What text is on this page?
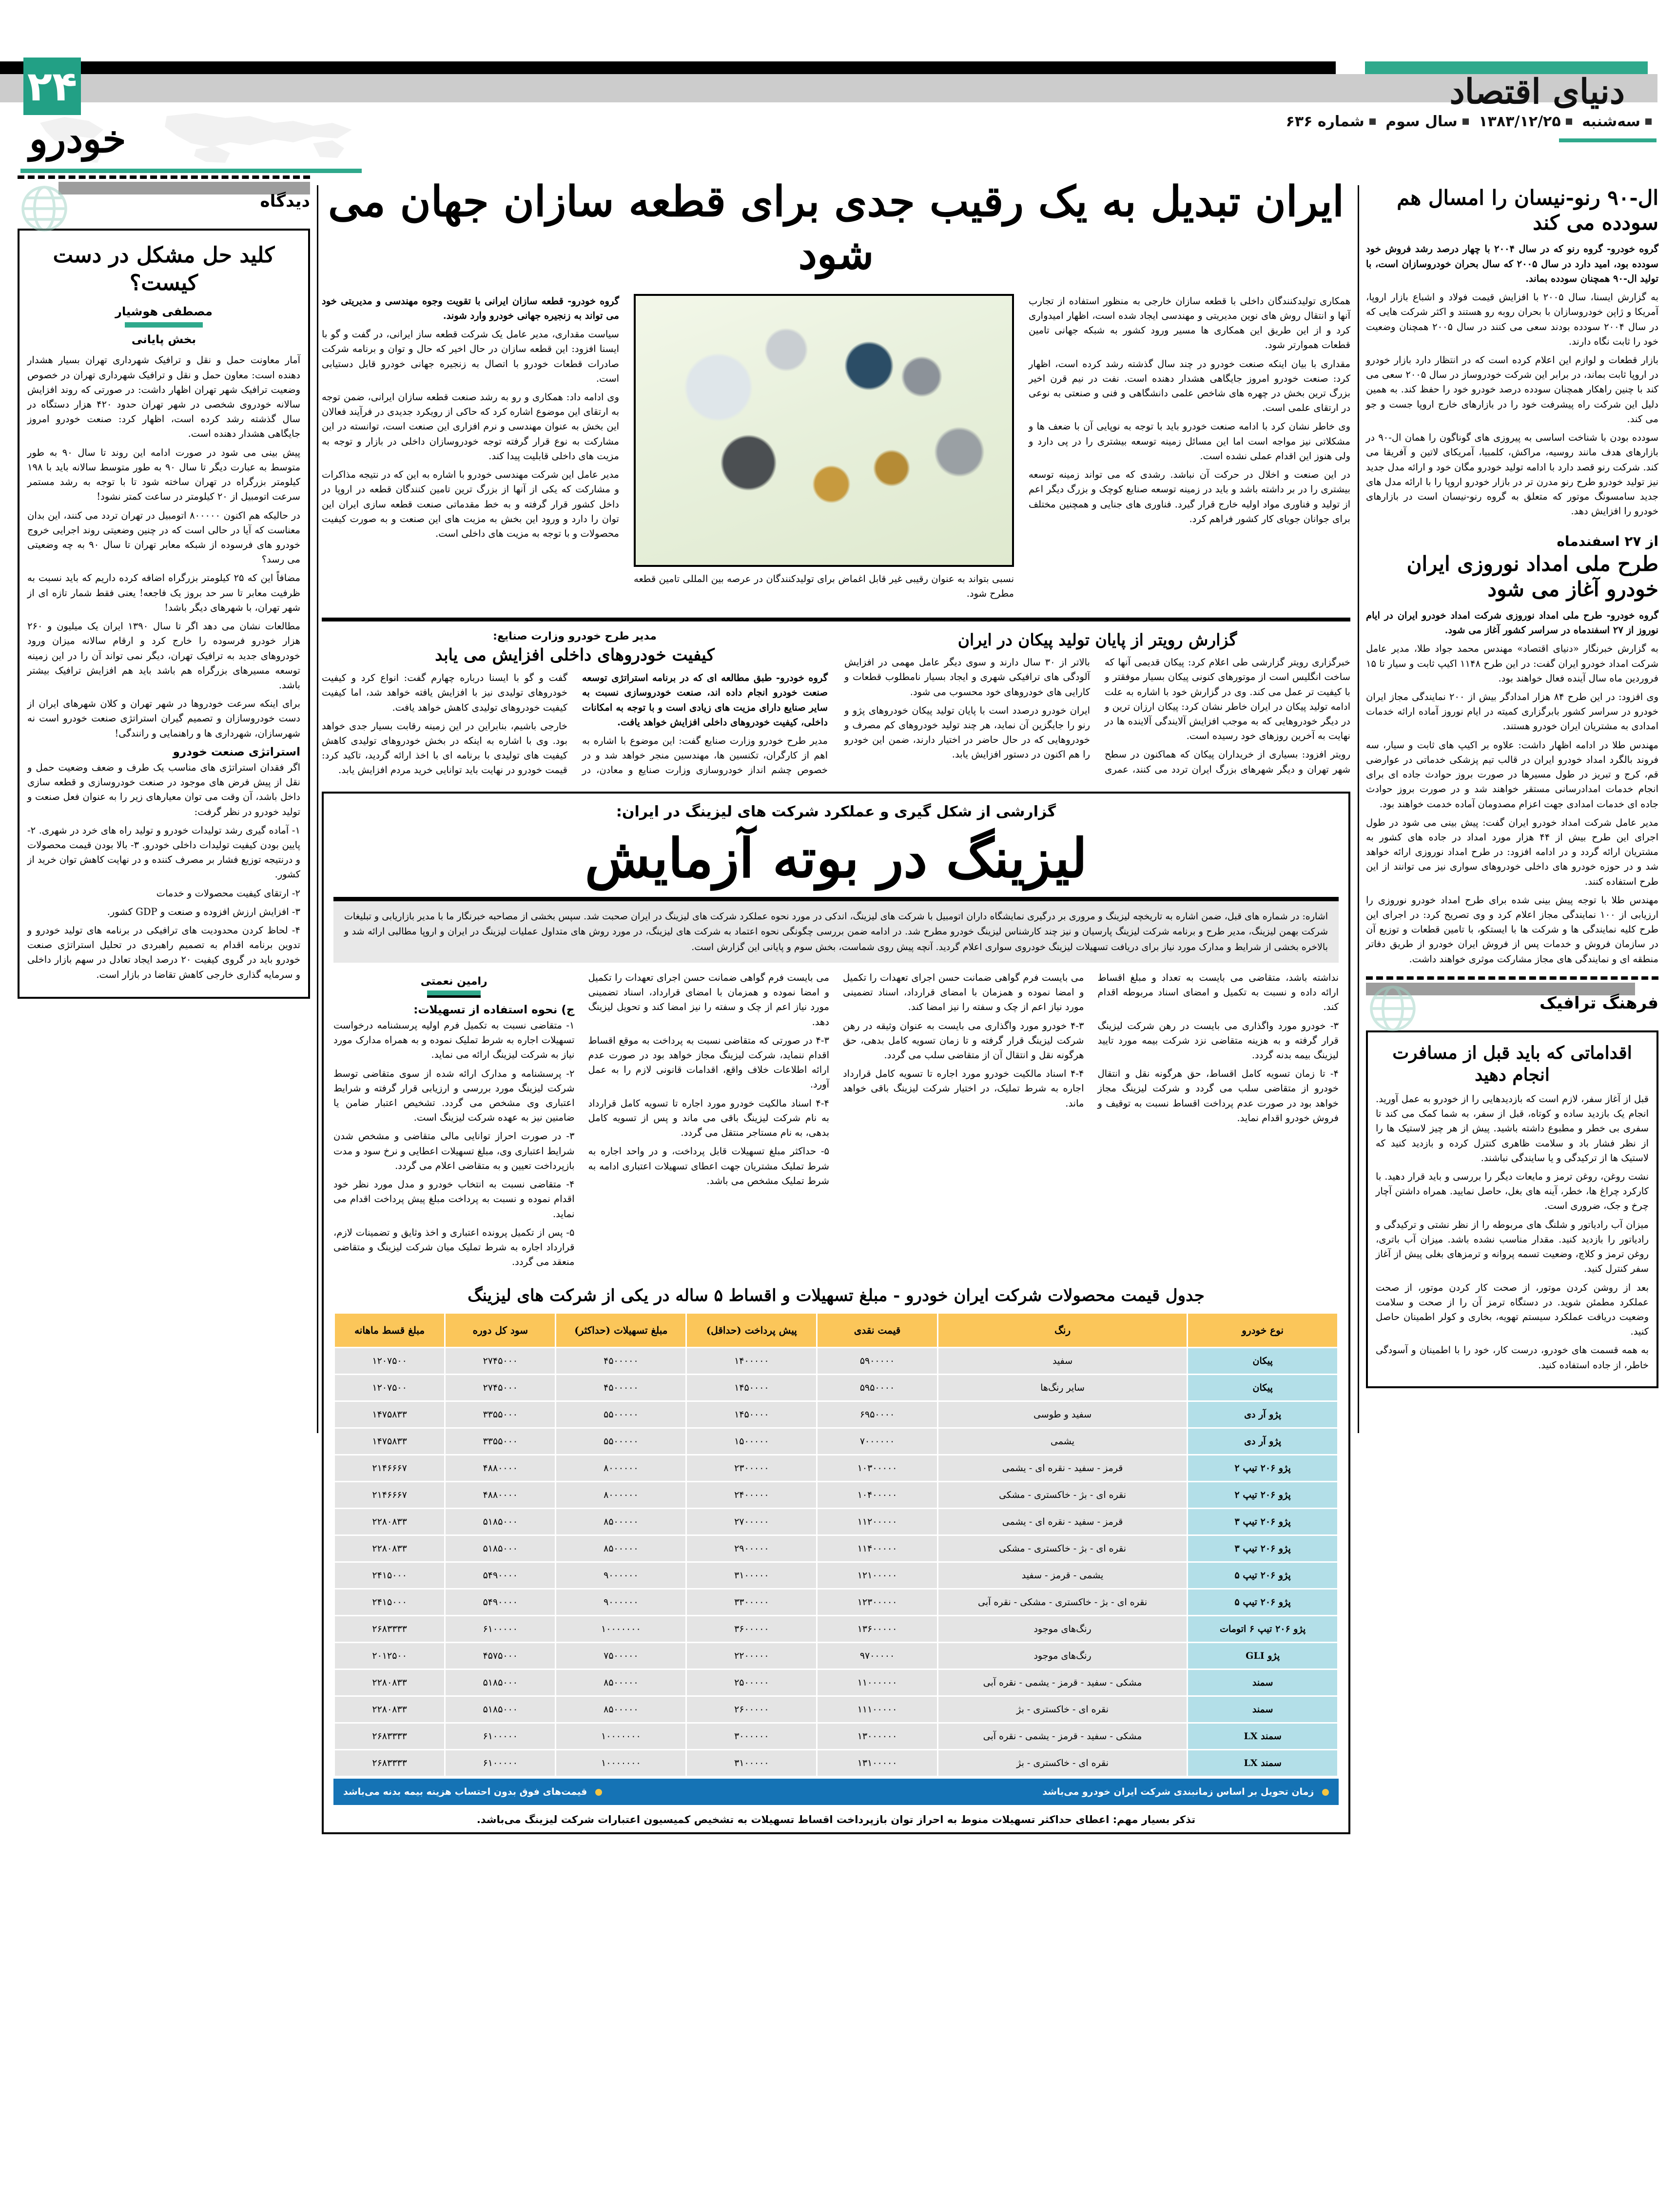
۲۴	دنیای اقتصاد
سه‌شنبه ۱۳۸۳/۱۲/۲۵ سال سوم شماره ۶۳۶
خودرو
دیدگاه
کلید حل مشکل در دست کیست؟
مصطفی هوشیار
بخش پایانی

آمار معاونت حمل و نقل و ترافیک شهرداری تهران بسیار هشدار دهنده است: معاون حمل و نقل و ترافیک شهرداری تهران در خصوص وضعیت ترافیک شهر تهران اظهار داشت: در صورتی که روند افزایش سالانه خودروی شخصی در شهر تهران حدود ۴۲۰ هزار دستگاه در سال گذشته رشد کرده است، اظهار کرد: صنعت خودرو امروز جایگاهی هشدار دهنده است.

پیش بینی می شود در صورت ادامه این روند تا سال ۹۰ به طور متوسط به عبارت دیگر تا سال ۹۰ به طور متوسط سالانه باید با ۱۹۸ کیلومتر بزرگراه در تهران ساخته شود تا با توجه به رشد مستمر سرعت اتومبیل از ۲۰ کیلومتر در ساعت کمتر نشود!

در حالیکه هم اکنون ۸۰۰۰۰۰ اتومبیل در تهران تردد می کنند، این بدان معناست که آیا در حالی است که در چنین وضعیتی روند اجرایی خروج خودرو های فرسوده از شبکه معابر تهران تا سال ۹۰ به چه وضعیتی می رسد؟

مضافاً این که ۲۵ کیلومتر بزرگراه اضافه کرده داریم که باید نسبت به ظرفیت معابر تا سر حد بروز یک فاجعه! یعنی فقط شمار تازه ای از شهر تهران، با شهرهای دیگر باشد!

مطالعات نشان می دهد اگر تا سال ۱۳۹۰ ایران یک میلیون و ۲۶۰ هزار خودرو فرسوده را خارج کرد و ارقام سالانه میزان ورود خودروهای جدید به ترافیک تهران، دیگر نمی تواند آن را در این زمینه توسعه مسیرهای بزرگراه هم باشد باید هم افزایش ترافیک بیشتر باشد.

برای اینکه سرعت خودروها در شهر تهران و کلان شهرهای ایران از دست خودروسازان و تصمیم گیران استراتژی صنعت خودرو است نه شهرسازان، شهرداری ها و راهنمایی و رانندگی!

استراتژی صنعت خودرو

اگر فقدان استراتژی های مناسب یک طرف و ضعف وضعیت حمل و نقل از پیش فرض های موجود در صنعت خودروسازی و قطعه سازی داخل باشد، آن وقت می توان معیارهای زیر را به عنوان فعل صنعت و تولید خودرو در نظر گرفت:

۱- آماده گیری رشد تولیدات خودرو و تولید راه های خرد در شهری. ۲- پایین بودن کیفیت تولیدات داخلی خودرو. ۳- بالا بودن قیمت محصولات و درنتیجه توزیع فشار بر مصرف کننده و در نهایت کاهش توان خرید از کشور.

۲- ارتقای کیفیت محصولات و خدمات

۳- افزایش ارزش افزوده و صنعت و GDP کشور.

۴- لحاظ کردن محدودیت های ترافیکی در برنامه های تولید خودرو و تدوین برنامه اقدام به تصمیم راهبردی در تحلیل استراتژی صنعت خودرو باید در گروی کیفیت ۲۰ درصد ایجاد تعادل در سهم بازار داخلی و سرمایه گذاری خارجی کاهش تقاضا در بازار است.

ال-۹۰ رنو-نیسان را امسال هم سودده می کند

گروه خودرو- گروه رنو که در سال ۲۰۰۴ با چهار درصد رشد فروش خود سودده بود، امید دارد در سال ۲۰۰۵ که سال بحران خودروسازان است، با تولید ال-۹۰ همچنان سودده بماند.

به گزارش ایسنا، سال ۲۰۰۵ با افزایش قیمت فولاد و اشباع بازار اروپا، آمریکا و ژاپن خودروسازان با بحران روبه رو هستند و اکثر شرکت هایی که در سال ۲۰۰۴ سودده بودند سعی می کنند در سال ۲۰۰۵ همچنان وضعیت خود را ثابت نگاه دارند.

بازار قطعات و لوازم این اعلام کرده است که در انتظار دارد بازار خودرو در اروپا ثابت بماند، در برابر این شرکت خودروساز در سال ۲۰۰۵ سعی می کند با چنین راهکار همچنان سودده درصد خودرو خود را حفظ کند. به همین دلیل این شرکت راه پیشرفت خود را در بازارهای خارج اروپا جست و جو می کند.

سودده بودن با شناخت اساسی به پیروزی های گوناگون را همان ال-۹۰ در بازارهای هدف مانند روسیه، مراکش، کلمبیا، آمریکای لاتین و آفریقا می کند. شرکت رنو قصد دارد با ادامه تولید خودرو مگان خود و ارائه مدل جدید نیز تولید خودرو طرح رنو مدرن تر در بازار خودرو اروپا را با ارائه مدل های جدید سامسونگ موتور که متعلق به گروه رنو-نیسان است در بازارهای خودرو را افزایش دهد.

از ۲۷ اسفندماه
طرح ملی امداد نوروزی ایران خودرو آغاز می شود

گروه خودرو- طرح ملی امداد نوروزی شرکت امداد خودرو ایران در ایام نوروز از ۲۷ اسفندماه در سراسر کشور آغاز می شود.

به گزارش خبرنگار «دنیای اقتصاد» مهندس محمد جواد طلا، مدیر عامل شرکت امداد خودرو ایران گفت: در این طرح ۱۱۴۸ اکیپ ثابت و سیار تا ۱۵ فروردین ماه سال آینده فعال خواهند بود.

وی افزود: در این طرح ۸۴ هزار امدادگر بیش از ۲۰۰ نمایندگی مجاز ایران خودرو در سراسر کشور بابرگزاری کمیته در ایام نوروز آماده ارائه خدمات امدادی به مشتریان ایران خودرو هستند.

مهندس طلا در ادامه اظهار داشت: علاوه بر اکیپ های ثابت و سیار، سه فروند بالگرد امداد خودرو ایران در قالب تیم پزشکی خدماتی در عوارضی قم، کرج و تبریز در طول مسیرها در صورت بروز حوادث جاده ای برای انجام خدمات امدادرسانی مستقر خواهند شد و در صورت بروز حوادث جاده ای خدمات امدادی جهت اعزام مصدومان آماده خدمت خواهند بود.

مدیر عامل شرکت امداد خودرو ایران گفت: پیش بینی می شود در طول اجرای این طرح بیش از ۴۴ هزار مورد امداد در جاده های کشور به مشتریان ارائه گردد و در ادامه افزود: در طرح امداد نوروزی ارائه خواهد شد و در حوزه خودرو های داخلی خودروهای سواری نیز می توانند از این طرح استفاده کنند.

مهندس طلا با توجه پیش بینی شده برای طرح امداد خودرو نوروزی را ارزیابی از ۱۰۰ نمایندگی مجاز اعلام کرد و وی تصریح کرد: در اجرای این طرح کلیه نمایندگی ها و شرکت ها با ایستکو، با تامین قطعات و توزیع آن در سازمان فروش و خدمات پس از فروش ایران خودرو از طریق دفاتر منطقه ای و نمایندگی های مجاز مشارکت موثری خواهند داشت.

فرهنگ ترافیک
اقداماتی که باید قبل از مسافرت انجام دهید

قبل از آغاز سفر، لازم است که بازدیدهایی را از خودرو به عمل آورید. انجام یک بازدید ساده و کوتاه، قبل از سفر، به شما کمک می کند تا سفری بی خطر و مطبوع داشته باشید. پیش از هر چیز لاستیک ها را از نظر فشار باد و سلامت ظاهری کنترل کرده و بازدید کنید که لاستیک ها از ترکیدگی و یا سایندگی نباشند.

نشت روغن، روغن ترمز و مایعات دیگر را بررسی و باید قرار دهید. با کارکرد چراغ ها، خطر، آینه های بغل، حاصل نمایید. همراه داشتن آچار چرخ و جک، ضروری است.

میزان آب رادیاتور و شلنگ های مربوطه را از نظر نشتی و ترکیدگی و رادیاتور را بازدید کنید. مقدار مناسب نشده باشد. میزان آب باتری، روغن ترمز و کلاچ، وضعیت تسمه پروانه و ترمزهای بغلی پیش از آغاز سفر کنترل کنید.

بعد از روشن کردن موتور، از صحت کار کردن موتور، از صحت عملکرد مطمئن شوید. در دستگاه ترمز آن را از صحت و سلامت وضعیت دریافت عملکرد سیستم تهویه، بخاری و کولر اطمینان حاصل کنید.

به همه قسمت های خودرو، درست کار، خود را با اطمینان و آسودگی خاطر، از جاده استفاده کنید.

ایران تبدیل به یک رقیب جدی برای قطعه سازان جهان می شود

همکاری تولیدکنندگان داخلی با قطعه سازان خارجی به منظور استفاده از تجارب آنها و انتقال روش های نوین مدیریتی و مهندسی ایجاد شده است، اظهار امیدواری کرد و از این طریق این همکاری ها مسیر ورود کشور به شبکه جهانی تامین قطعات هموارتر شود.

مقداری با بیان اینکه صنعت خودرو در چند سال گذشته رشد کرده است، اظهار کرد: صنعت خودرو امروز جایگاهی هشدار دهنده است. نفت در نیم قرن اخیر بزرگ ترین بخش در چهره های شاخص علمی دانشگاهی و فنی و صنعتی به نوعی در ارتقای علمی است.

وی خاطر نشان کرد با ادامه صنعت خودرو باید با توجه به نوپایی آن با ضعف ها و مشکلاتی نیز مواجه است اما این مسائل زمینه توسعه بیشتری را در پی دارد و ولی هنوز این اقدام عملی نشده است.

در این صنعت و اخلال در حرکت آن نباشد. رشدی که می تواند زمینه توسعه بیشتری را در بر داشته باشد و باید در زمینه توسعه صنایع کوچک و بزرگ دیگر اعم از تولید و فناوری مواد اولیه خارج قرار گیرد. فناوری های جنایی و همچنین مختلف برای جوانان جویای کار کشور فراهم کرد.

گروه خودرو- قطعه سازان ایرانی با تقویت وجوه مهندسی و مدیریتی خود می تواند به زنجیره جهانی خودرو وارد شوند.

سیاست مقداری، مدیر عامل یک شرکت قطعه ساز ایرانی، در گفت و گو با ایسنا افزود: این قطعه سازان در حال اخیر که حال و توان و برنامه شرکت صادرات قطعات خودرو با اتصال به زنجیره جهانی خودرو قابل دستیابی است.

وی ادامه داد: همکاری و رو به رشد صنعت قطعه سازان ایرانی، ضمن توجه به ارتقای این موضوع اشاره کرد که حاکی از رویکرد جدیدی در فرآیند فعالان این بخش به عنوان مهندسی و نرم افزاری این صنعت است، توانسته در این مشارکت به نوع قرار گرفته توجه خودروسازان داخلی در بازار و توجه به مزیت های داخلی قابلیت پیدا کند.

مدیر عامل این شرکت مهندسی خودرو با اشاره به این که در نتیجه مذاکرات و مشارکت که یکی از آنها از بزرگ ترین تامین کنندگان قطعه در اروپا در داخل کشور قرار گرفته و به خط مقدماتی صنعت قطعه سازی ایران این توان را دارد و ورود این بخش به مزیت های این صنعت و به صورت کیفیت محصولات و با توجه به مزیت های داخلی است.

نسبی بتواند به عنوان رقیبی غیر قابل اغماض برای تولیدکنندگان در عرصه بین المللی تامین قطعه مطرح شود.

گزارش رویتر از پایان تولید پیکان در ایران

خبرگزاری رویتر گزارشی طی اعلام کرد: پیکان قدیمی آنها که ساخت انگلیس است از موتورهای کنونی پیکان بسیار موفقتر و با کیفیت تر عمل می کند. وی در گزارش خود با اشاره به علت ادامه تولید پیکان در ایران خاطر نشان کرد: پیکان ارزان ترین و در دیگر خودروهایی که به موجب افزایش آلایندگی آلاینده ها در نهایت به آخرین روزهای خود رسیده است.

رویتر افزود: بسیاری از خریداران پیکان که هماکنون در سطح شهر تهران و دیگر شهرهای بزرگ ایران تردد می کنند، عمری بالاتر از ۳۰ سال دارند و سوی دیگر عامل مهمی در افزایش آلودگی های ترافیکی شهری و ایجاد بسیار نامطلوب قطعات و کارایی های خودروهای خود محسوب می شود.

ایران خودرو درصدد است با پایان تولید پیکان خودروهای پژو و رنو را جایگزین آن نماید، هر چند تولید خودروهای کم مصرف و خودروهایی که در حال حاضر در اختیار دارند، ضمن این خودرو را هم اکنون در دستور افزایش یابد.

مدیر طرح خودرو وزارت صنایع:
کیفیت خودروهای داخلی افزایش می یابد

گروه خودرو- طبق مطالعه ای که در برنامه استراتژی توسعه صنعت خودرو انجام داده اند، صنعت خودروسازی نسبت به سایر صنایع دارای مزیت های زیادی است و با توجه به امکانات داخلی، کیفیت خودروهای داخلی افزایش خواهد یافت.

مدیر طرح خودرو وزارت صنایع گفت: این موضوع با اشاره به اهم از کارگران، تکنسین ها، مهندسین منجر خواهد شد و در خصوص چشم انداز خودروسازی وزارت صنایع و معادن، در گفت و گو با ایسنا درباره چهارم گفت: انواع کرد و کیفیت خودروهای تولیدی نیز با افزایش یافته خواهد شد، اما کیفیت کیفیت خودروهای تولیدی کاهش خواهد یافت.

خارجی باشیم، بنابراین در این زمینه رقابت بسیار جدی خواهد بود. وی با اشاره به اینکه در بخش خودروهای تولیدی کاهش کیفیت های تولیدی با برنامه ای با اخذ ارائه گردید، تاکید کرد: قیمت خودرو در نهایت باید توانایی خرید مردم افزایش یابد.

گزارشی از شکل گیری و عملکرد شرکت های لیزینگ در ایران:
لیزینگ در بوته آزمایش
اشاره: در شماره های قبل، ضمن اشاره به تاریخچه لیزینگ و مروری بر درگیری نمایشگاه داران اتومبیل با شرکت های لیزینگ، اندکی در مورد نحوه عملکرد شرکت های لیزینگ در ایران صحبت شد. سپس بخشی از مصاحبه خبرنگار ما با مدیر بازاریابی و تبلیغات شرکت بهمن لیزینگ، مدیر طرح و برنامه شرکت لیزینگ پارسیان و نیز چند کارشناس لیزینگ خودرو مطرح شد. در ادامه ضمن بررسی چگونگی نحوه اعتماد به شرکت های لیزینگ، در مورد روش های متداول عملیات لیزینگ در ایران و اروپا مطالبی ارائه شد و بالاخره بخشی از شرایط و مدارک مورد نیاز برای دریافت تسهیلات لیزینگ خودروی سواری اعلام گردید. آنچه پیش روی شماست، بخش سوم و پایانی این گزارش است.

نداشته باشد، متقاضی می بایست به تعداد و مبلغ اقساط ارائه داده و نسبت به تکمیل و امضای اسناد مربوطه اقدام کند.

۳- خودرو مورد واگذاری می بایست در رهن شرکت لیزینگ قرار گرفته و به هزینه متقاضی نزد شرکت بیمه مورد تایید لیزینگ بیمه بدنه گردد.

۴- تا زمان تسویه کامل اقساط، حق هرگونه نقل و انتقال خودرو از متقاضی سلب می گردد و شرکت لیزینگ مجاز خواهد بود در صورت عدم پرداخت اقساط نسبت به توقیف و فروش خودرو اقدام نماید.

می بایست فرم گواهی ضمانت حسن اجرای تعهدات را تکمیل و امضا نموده و همزمان با امضای قرارداد، اسناد تضمینی مورد نیاز اعم از چک و سفته را نیز امضا کند.

۴-۳ خودرو مورد واگذاری می بایست به عنوان وثیقه در رهن شرکت لیزینگ قرار گرفته و تا زمان تسویه کامل بدهی، حق هرگونه نقل و انتقال آن از متقاضی سلب می گردد.

۴-۴ اسناد مالکیت خودرو مورد اجاره تا تسویه کامل قرارداد اجاره به شرط تملیک، در اختیار شرکت لیزینگ باقی خواهد ماند.

می بایست فرم گواهی ضمانت حسن اجرای تعهدات را تکمیل و امضا نموده و همزمان با امضای قرارداد، اسناد تضمینی مورد نیاز اعم از چک و سفته را نیز امضا کند و تحویل لیزینگ دهد.

۴-۳ در صورتی که متقاضی نسبت به پرداخت به موقع اقساط اقدام ننماید، شرکت لیزینگ مجاز خواهد بود در صورت عدم ارائه اطلاعات خلاف واقع، اقدامات قانونی لازم را به عمل آورد.

۴-۴ اسناد مالکیت خودرو مورد اجاره تا تسویه کامل قرارداد به نام شرکت لیزینگ باقی می ماند و پس از تسویه کامل بدهی، به نام مستاجر منتقل می گردد.

۵- حداکثر مبلغ تسهیلات قابل پرداخت، و در واحد اجاره به شرط تملیک مشتریان جهت اعطای تسهیلات اعتباری ادامه به شرط تملیک مشخص می باشد.

رامین نعمتی
ج) نحوه استفاده از تسهیلات:

۱- متقاضی نسبت به تکمیل فرم اولیه پرسشنامه درخواست تسهیلات اجاره به شرط تملیک نموده و به همراه مدارک مورد نیاز به شرکت لیزینگ ارائه می نماید.

۲- پرسشنامه و مدارک ارائه شده از سوی متقاضی توسط شرکت لیزینگ مورد بررسی و ارزیابی قرار گرفته و شرایط اعتباری وی مشخص می گردد. تشخیص اعتبار ضامن یا ضامنین نیز به عهده شرکت لیزینگ است.

۳- در صورت احراز توانایی مالی متقاضی و مشخص شدن شرایط اعتباری وی، مبلغ تسهیلات اعطایی و نرخ سود و مدت بازپرداخت تعیین و به متقاضی اعلام می گردد.

۴- متقاضی نسبت به انتخاب خودرو و مدل مورد نظر خود اقدام نموده و نسبت به پرداخت مبلغ پیش پرداخت اقدام می نماید.

۵- پس از تکمیل پرونده اعتباری و اخذ وثایق و تضمینات لازم، قرارداد اجاره به شرط تملیک میان شرکت لیزینگ و متقاضی منعقد می گردد.

جدول قیمت محصولات شرکت ایران خودرو - مبلغ تسهیلات و اقساط ۵ ساله در یکی از شرکت های لیزینگ
نوع خودرو	رنگ	قیمت نقدی	پیش پرداخت (حداقل)	مبلغ تسهیلات (حداکثر)	سود کل دوره	مبلغ قسط ماهانه
پیکان	سفید	۵۹۰۰۰۰۰	۱۴۰۰۰۰۰	۴۵۰۰۰۰۰	۲۷۴۵۰۰۰	۱۲۰۷۵۰۰
پیکان	سایر رنگ‌ها	۵۹۵۰۰۰۰	۱۴۵۰۰۰۰	۴۵۰۰۰۰۰	۲۷۴۵۰۰۰	۱۲۰۷۵۰۰
پژو آر دی	سفید و طوسی	۶۹۵۰۰۰۰	۱۴۵۰۰۰۰	۵۵۰۰۰۰۰	۳۳۵۵۰۰۰	۱۴۷۵۸۳۳
پژو آر دی	یشمی	۷۰۰۰۰۰۰	۱۵۰۰۰۰۰	۵۵۰۰۰۰۰	۳۳۵۵۰۰۰	۱۴۷۵۸۳۳
پژو ۲۰۶ تیپ ۲	قرمز - سفید - نقره ای - یشمی	۱۰۳۰۰۰۰۰	۲۳۰۰۰۰۰	۸۰۰۰۰۰۰	۴۸۸۰۰۰۰	۲۱۴۶۶۶۷
پژو ۲۰۶ تیپ ۲	نقره ای - بژ - خاکستری - مشکی	۱۰۴۰۰۰۰۰	۲۴۰۰۰۰۰	۸۰۰۰۰۰۰	۴۸۸۰۰۰۰	۲۱۴۶۶۶۷
پژو ۲۰۶ تیپ ۳	قرمز - سفید - نقره ای - یشمی	۱۱۲۰۰۰۰۰	۲۷۰۰۰۰۰	۸۵۰۰۰۰۰	۵۱۸۵۰۰۰	۲۲۸۰۸۳۳
پژو ۲۰۶ تیپ ۳	نقره ای - بژ - خاکستری - مشکی	۱۱۴۰۰۰۰۰	۲۹۰۰۰۰۰	۸۵۰۰۰۰۰	۵۱۸۵۰۰۰	۲۲۸۰۸۳۳
پژو ۲۰۶ تیپ ۵	یشمی - قرمز - سفید	۱۲۱۰۰۰۰۰	۳۱۰۰۰۰۰	۹۰۰۰۰۰۰	۵۴۹۰۰۰۰	۲۴۱۵۰۰۰
پژو ۲۰۶ تیپ ۵	نقره ای - بژ - خاکستری - مشکی - نقره آبی	۱۲۳۰۰۰۰۰	۳۳۰۰۰۰۰	۹۰۰۰۰۰۰	۵۴۹۰۰۰۰	۲۴۱۵۰۰۰
پژو ۲۰۶ تیپ ۶ اتومات	رنگ‌های موجود	۱۳۶۰۰۰۰۰	۳۶۰۰۰۰۰	۱۰۰۰۰۰۰۰	۶۱۰۰۰۰۰	۲۶۸۳۳۳۳
پژو GLI	رنگ‌های موجود	۹۷۰۰۰۰۰	۲۲۰۰۰۰۰	۷۵۰۰۰۰۰	۴۵۷۵۰۰۰	۲۰۱۲۵۰۰
سمند	مشکی - سفید - قرمز - یشمی - نقره آبی	۱۱۰۰۰۰۰۰	۲۵۰۰۰۰۰	۸۵۰۰۰۰۰	۵۱۸۵۰۰۰	۲۲۸۰۸۳۳
سمند	نقره ای - خاکستری - بژ	۱۱۱۰۰۰۰۰	۲۶۰۰۰۰۰	۸۵۰۰۰۰۰	۵۱۸۵۰۰۰	۲۲۸۰۸۳۳
سمند LX	مشکی - سفید - قرمز - یشمی - نقره آبی	۱۳۰۰۰۰۰۰	۳۰۰۰۰۰۰	۱۰۰۰۰۰۰۰	۶۱۰۰۰۰۰	۲۶۸۳۳۳۳
سمند LX	نقره ای - خاکستری - بژ	۱۳۱۰۰۰۰۰	۳۱۰۰۰۰۰	۱۰۰۰۰۰۰۰	۶۱۰۰۰۰۰	۲۶۸۳۳۳۳
زمان تحویل بر اساس زمانبندی شرکت ایران خودرو می‌باشد
قیمت‌های فوق بدون احتساب هزینه بیمه بدنه می‌باشد
تذکر بسیار مهم: اعطای حداکثر تسهیلات منوط به احراز توان بازپرداخت اقساط تسهیلات به تشخیص کمیسیون اعتبارات شرکت لیزینگ می‌باشد.
